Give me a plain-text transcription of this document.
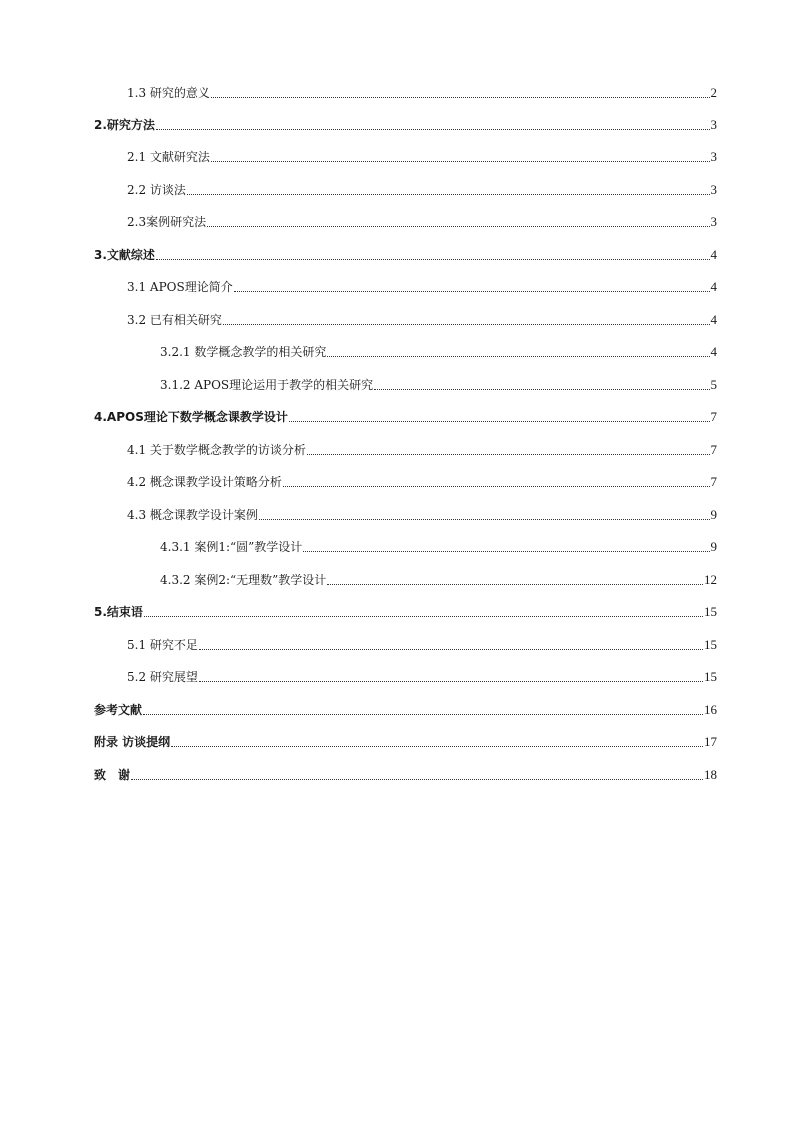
1.3 研究的意义	2
2.研究方法	3
2.1 文献研究法	3
2.2 访谈法	3
2.3案例研究法	3
3.文献综述	4
3.1 APOS理论简介	4
3.2 已有相关研究	4
3.2.1 数学概念教学的相关研究	4
3.1.2 APOS理论运用于教学的相关研究	5
4.APOS理论下数学概念课教学设计	7
4.1 关于数学概念教学的访谈分析	7
4.2 概念课教学设计策略分析	7
4.3 概念课教学设计案例	9
4.3.1 案例1:“圆”教学设计	9
4.3.2 案例2:“无理数”教学设计	12
5.结束语	15
5.1 研究不足	15
5.2 研究展望	15
参考文献	16
附录 访谈提纲	17
致　谢	18
